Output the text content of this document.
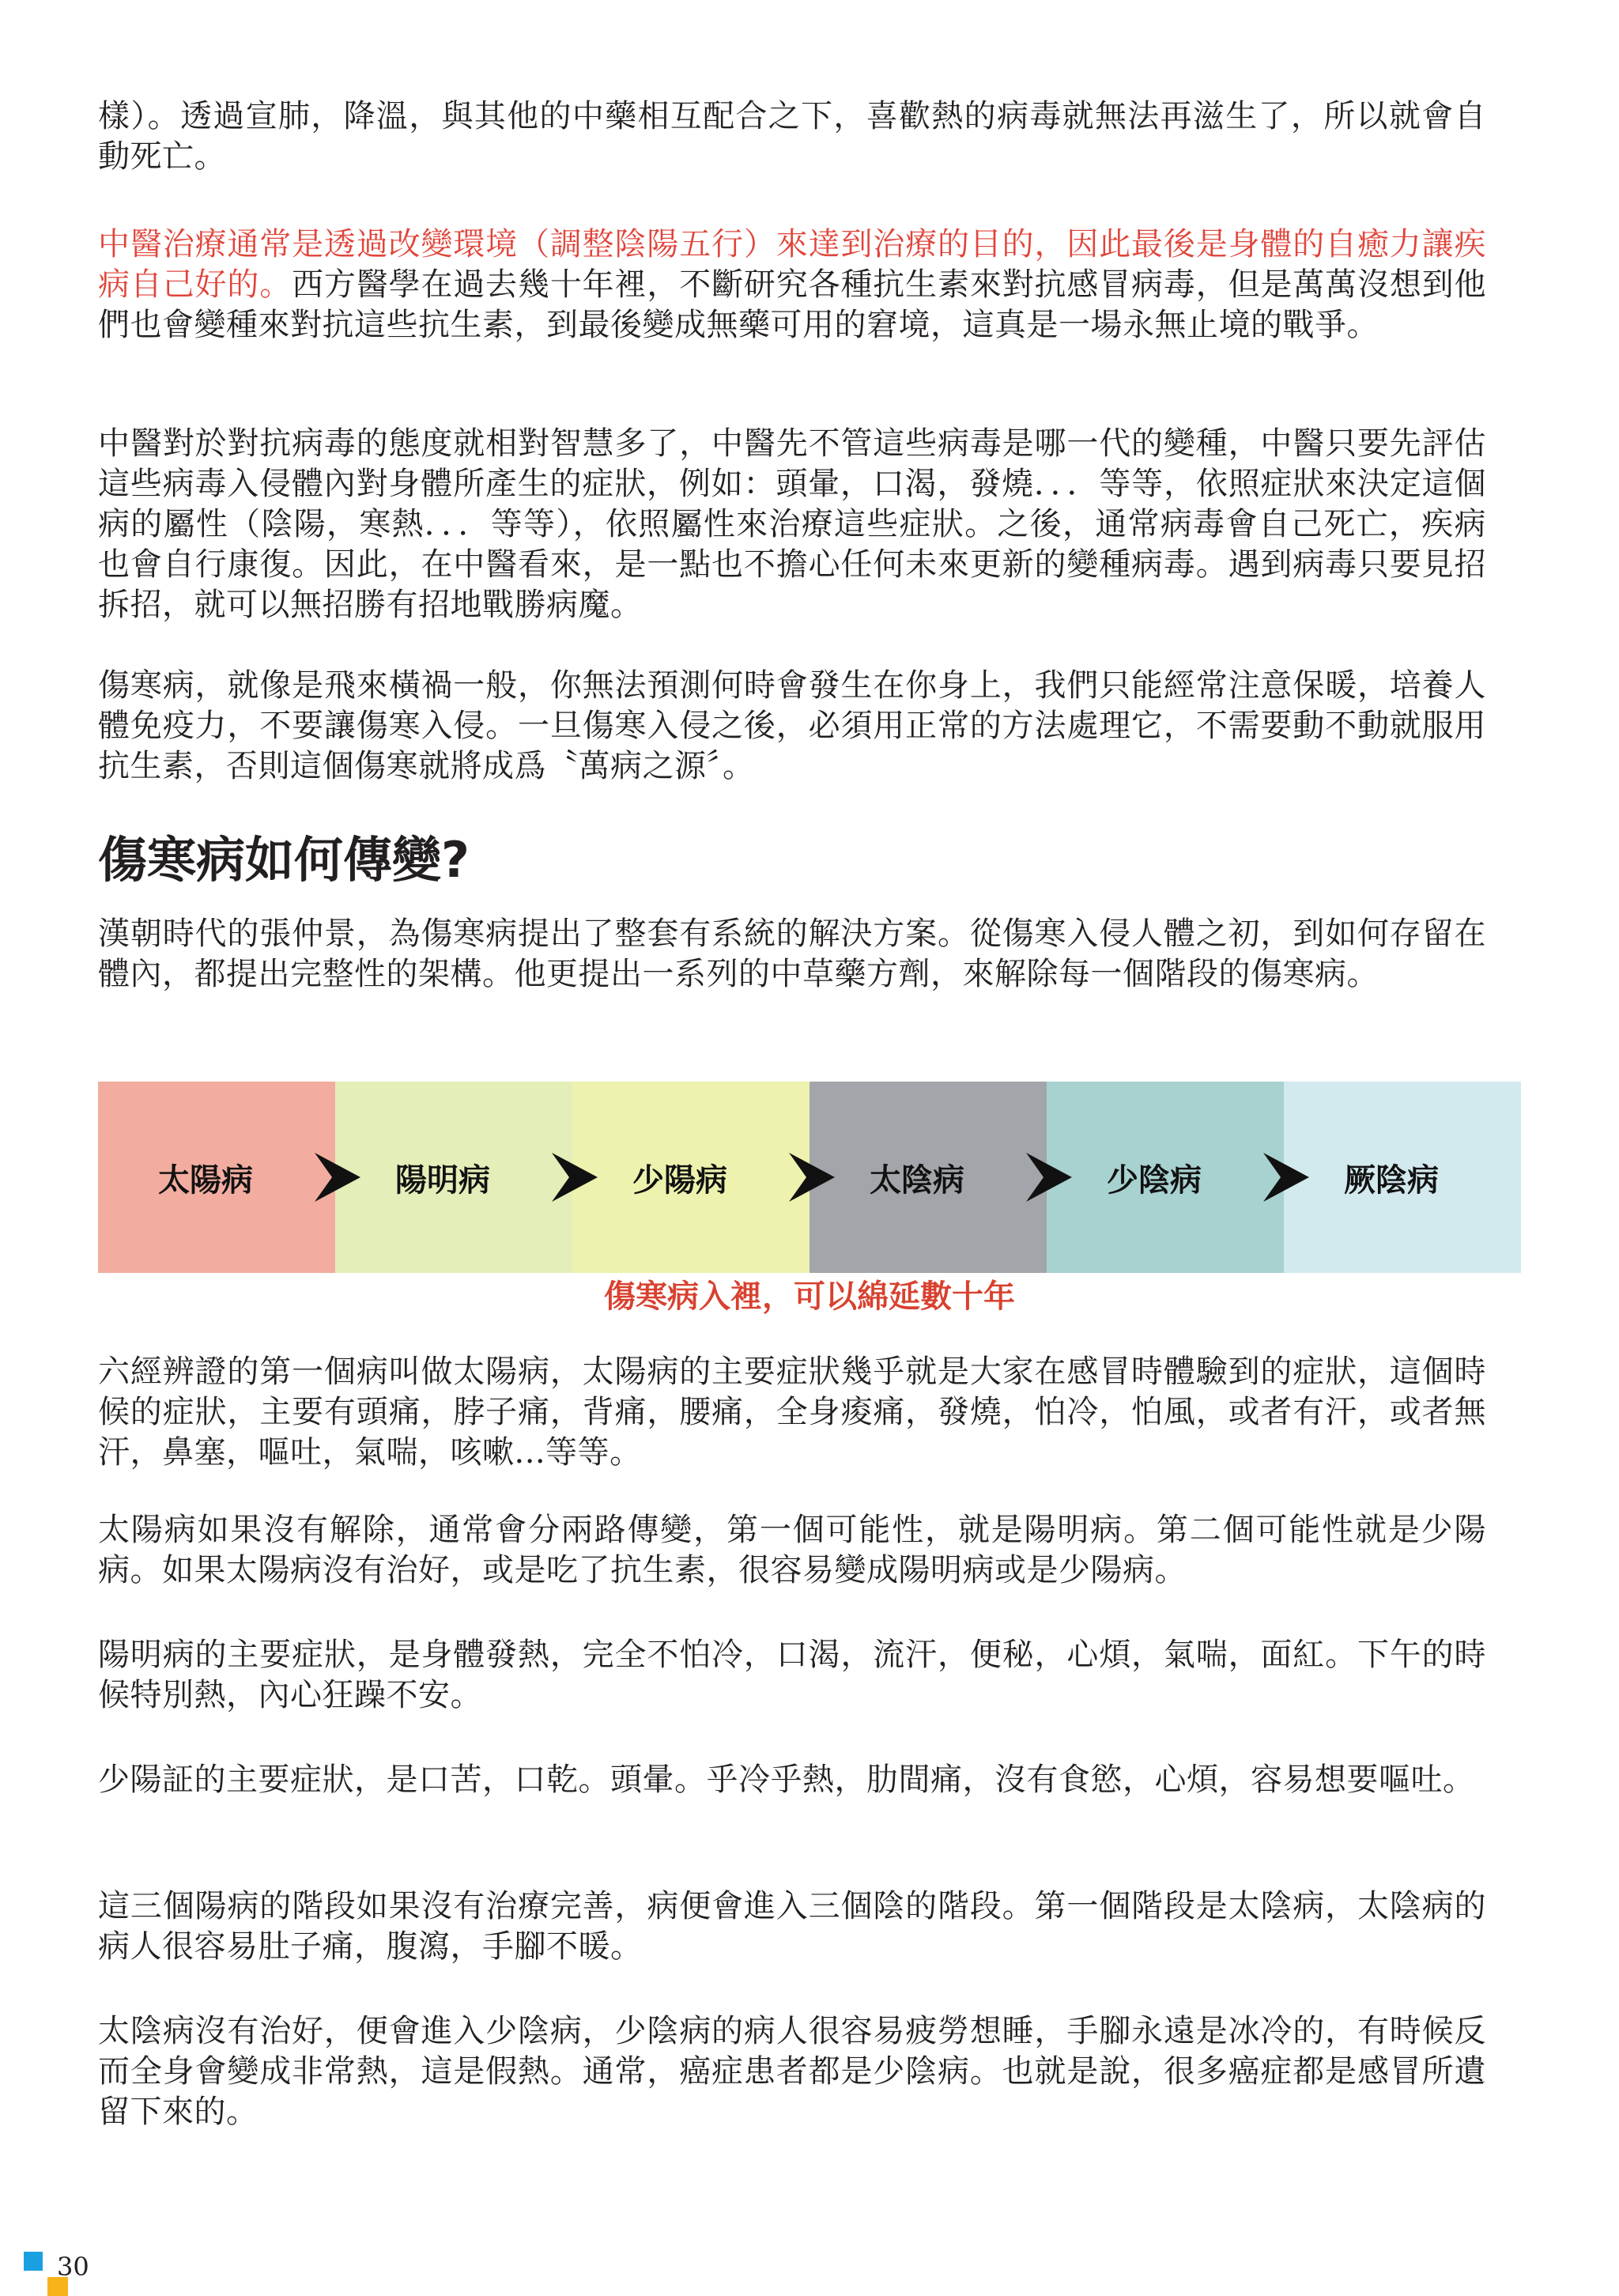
樣）。透過宣肺，降溫，與其他的中藥相互配合之下，喜歡熱的病毒就無法再滋生了，所以就會自動死亡。

中醫治療通常是透過改變環境（調整陰陽五行）來達到治療的目的，因此最後是身體的自癒力讓疾病自己好的。西方醫學在過去幾十年裡，不斷研究各種抗生素來對抗感冒病毒，但是萬萬沒想到他們也會變種來對抗這些抗生素，到最後變成無藥可用的窘境，這真是一場永無止境的戰爭。

中醫對於對抗病毒的態度就相對智慧多了，中醫先不管這些病毒是哪一代的變種，中醫只要先評估這些病毒入侵體內對身體所產生的症狀，例如：頭暈，口渴，發燒．．．等等，依照症狀來決定這個病的屬性（陰陽，寒熱．．．等等），依照屬性來治療這些症狀。之後，通常病毒會自己死亡，疾病也會自行康復。因此，在中醫看來，是一點也不擔心任何未來更新的變種病毒。遇到病毒只要見招拆招，就可以無招勝有招地戰勝病魔。

傷寒病，就像是飛來橫禍一般，你無法預測何時會發生在你身上，我們只能經常注意保暖，培養人體免疫力，不要讓傷寒入侵。一旦傷寒入侵之後，必須用正常的方法處理它，不需要動不動就服用抗生素，否則這個傷寒就將成爲〝萬病之源〞。

傷寒病如何傳變?

漢朝時代的張仲景，為傷寒病提出了整套有系統的解決方案。從傷寒入侵人體之初，到如何存留在體內，都提出完整性的架構。他更提出一系列的中草藥方劑，來解除每一個階段的傷寒病。

太陽病	陽明病	少陽病	太陰病	少陰病	厥陰病
傷寒病入裡，可以綿延數十年

六經辨證的第一個病叫做太陽病，太陽病的主要症狀幾乎就是大家在感冒時體驗到的症狀，這個時候的症狀，主要有頭痛，脖子痛，背痛，腰痛，全身痠痛，發燒，怕冷，怕風，或者有汗，或者無汗，鼻塞，嘔吐，氣喘，咳嗽...等等。

太陽病如果沒有解除，通常會分兩路傳變，第一個可能性，就是陽明病。第二個可能性就是少陽病。如果太陽病沒有治好，或是吃了抗生素，很容易變成陽明病或是少陽病。

陽明病的主要症狀，是身體發熱，完全不怕冷，口渴，流汗，便秘，心煩，氣喘，面紅。下午的時候特別熱，內心狂躁不安。

少陽証的主要症狀，是口苦，口乾。頭暈。乎冷乎熱，肋間痛，沒有食慾，心煩，容易想要嘔吐。

這三個陽病的階段如果沒有治療完善，病便會進入三個陰的階段。第一個階段是太陰病，太陰病的病人很容易肚子痛，腹瀉，手腳不暖。

太陰病沒有治好，便會進入少陰病，少陰病的病人很容易疲勞想睡，手腳永遠是冰冷的，有時候反而全身會變成非常熱，這是假熱。通常，癌症患者都是少陰病。也就是說，很多癌症都是感冒所遺留下來的。

30
